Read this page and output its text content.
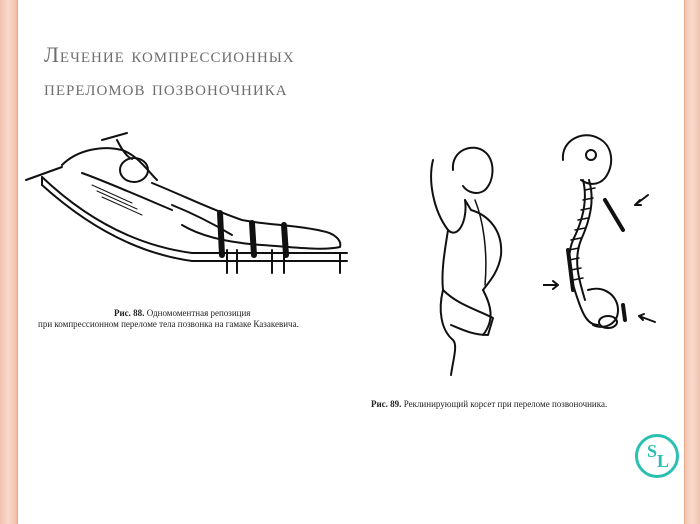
Лечение компрессионных
переломов позвоночника
Рис. 88. Одномоментная репозиция
при компрессионном переломе тела позвонка на гамаке Казакевича.
Рис. 89. Реклинирующий корсет при переломе позвоночника.
S L
